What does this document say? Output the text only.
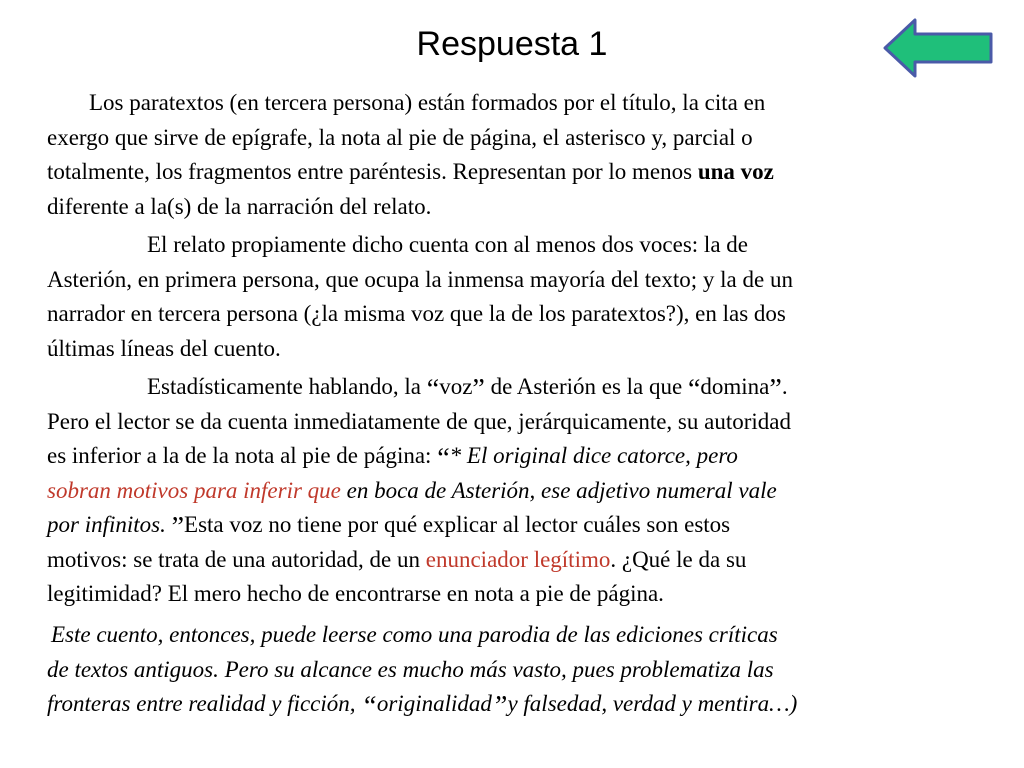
Respuesta 1

Los paratextos (en tercera persona) están formados por el título, la cita en
exergo que sirve de epígrafe, la nota al pie de página, el asterisco y, parcial o
totalmente, los fragmentos entre paréntesis. Representan por lo menos una voz
diferente a la(s) de la narración del relato.

El relato propiamente dicho cuenta con al menos dos voces: la de
Asterión, en primera persona, que ocupa la inmensa mayoría del texto; y la de un
narrador en tercera persona (¿la misma voz que la de los paratextos?), en las dos
últimas líneas del cuento.

Estadísticamente hablando, la “voz” de Asterión es la que “domina”.
Pero el lector se da cuenta inmediatamente de que, jerárquicamente, su autoridad
es inferior a la de la nota al pie de página: “* El original dice catorce, pero
sobran motivos para inferir que en boca de Asterión, ese adjetivo numeral vale
por infinitos. ”Esta voz no tiene por qué explicar al lector cuáles son estos
motivos: se trata de una autoridad, de un enunciador legítimo. ¿Qué le da su
legitimidad? El mero hecho de encontrarse en nota a pie de página.

Este cuento, entonces, puede leerse como una parodia de las ediciones críticas
de textos antiguos. Pero su alcance es mucho más vasto, pues problematiza las
fronteras entre realidad y ficción, “originalidad”y falsedad, verdad y mentira…)
